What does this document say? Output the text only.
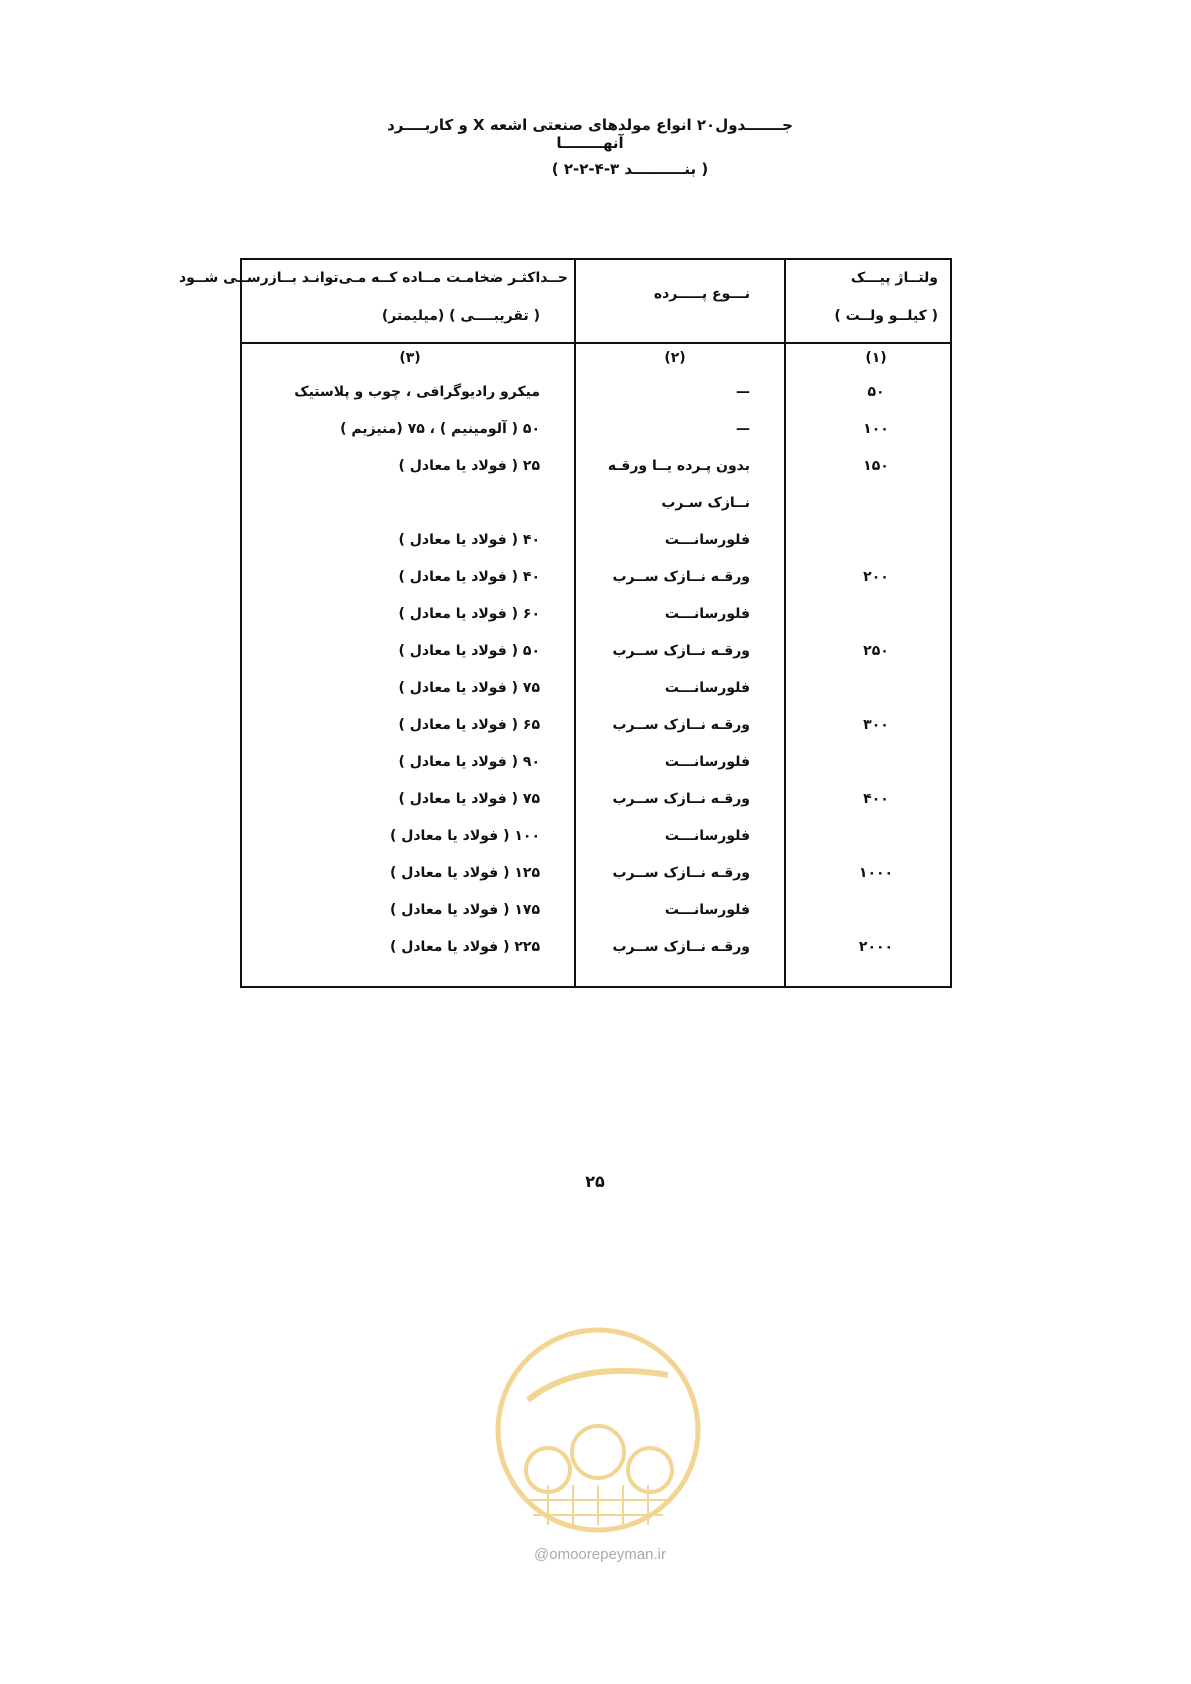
جـــــــدول۲۰ انواع مولدهای صنعتی اشعه X و کاربــــرد آنهــــــــا
( بنــــــــــد ۳-۴-۲-۲ )
ولتــاژ پیـــک
( کیلــو ولــت )
نـــوع پـــــرده
حــداکثـر ضخامـت مــاده کــه مـی‌توانـد بــازرســی شــود
( تقریبــــی ) (میلیمتر)
(۱)
(۲)
(۳)
۵۰
—
میکرو رادیوگرافی ، چوب و پلاستیک
۱۰۰
—
۵۰ ( آلومینیم ) ، ۷۵ (منیزیم )
۱۵۰
بدون پـرده یــا ورقـه
۲۵ ( فولاد یا معادل )
نــازک سـرب
فلورسانـــت
۴۰ ( فولاد یا معادل )
۲۰۰
ورقـه نــازک ســرب
۴۰ ( فولاد یا معادل )
فلورسانـــت
۶۰ ( فولاد یا معادل )
۲۵۰
ورقـه نــازک ســرب
۵۰ ( فولاد یا معادل )
فلورسانـــت
۷۵ ( فولاد یا معادل )
۳۰۰
ورقـه نــازک ســرب
۶۵ ( فولاد یا معادل )
فلورسانـــت
۹۰ ( فولاد یا معادل )
۴۰۰
ورقـه نــازک ســرب
۷۵ ( فولاد یا معادل )
فلورسانـــت
۱۰۰ ( فولاد یا معادل )
۱۰۰۰
ورقـه نــازک ســرب
۱۲۵ ( فولاد یا معادل )
فلورسانـــت
۱۷۵ ( فولاد یا معادل )
۲۰۰۰
ورقـه نــازک ســرب
۲۲۵ ( فولاد یا معادل )
۲۵
@omoorepeyman.ir
